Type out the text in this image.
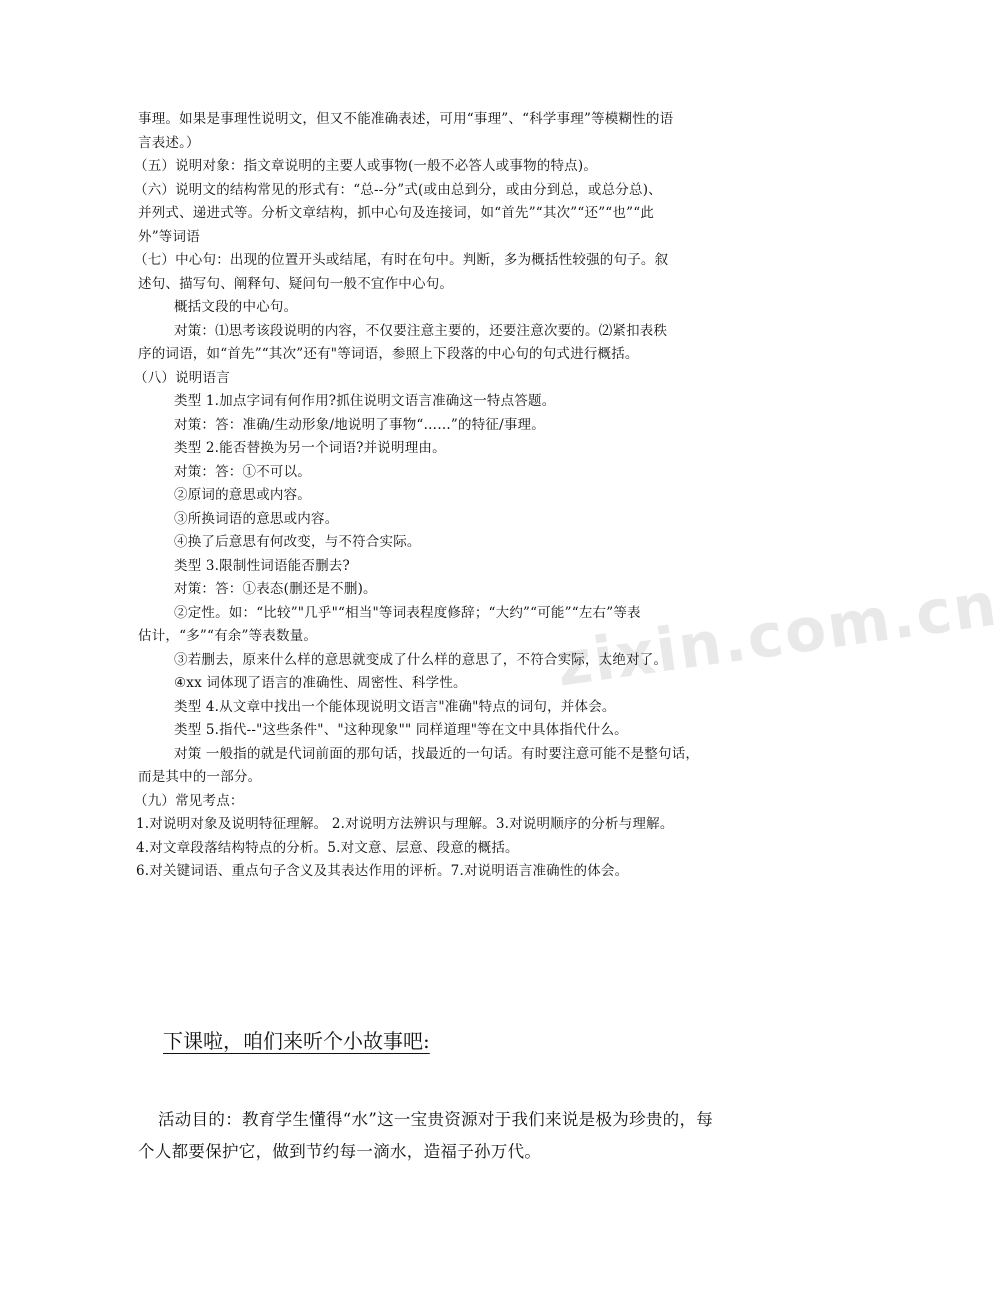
zixin.com.cn

事理。如果是事理性说明文，但又不能准确表述，可用“事理”、“科学事理”等模糊性的语

言表述。）

（五）说明对象：指文章说明的主要人或事物(一般不必答人或事物的特点)。

（六）说明文的结构常见的形式有：“总--分”式(或由总到分，或由分到总，或总分总)、

并列式、递进式等。分析文章结构，抓中心句及连接词，如“首先”“其次”“还”“也”“此

外”等词语

（七）中心句：出现的位置开头或结尾，有时在句中。判断，多为概括性较强的句子。叙

述句、描写句、阐释句、疑问句一般不宜作中心句。

概括文段的中心句。

对策：⑴思考该段说明的内容，不仅要注意主要的，还要注意次要的。⑵紧扣表秩

序的词语，如“首先”“其次”还有"等词语，参照上下段落的中心句的句式进行概括。

（八）说明语言

类型 1.加点字词有何作用?抓住说明文语言准确这一特点答题。

对策：答：准确/生动形象/地说明了事物“……”的特征/事理。

类型 2.能否替换为另一个词语?并说明理由。

对策：答：①不可以。

②原词的意思或内容。

③所换词语的意思或内容。

④换了后意思有何改变，与不符合实际。

类型 3.限制性词语能否删去?

对策：答：①表态(删还是不删)。

②定性。如：“比较”"几乎"“相当"等词表程度修辞；“大约”“可能”“左右”等表

估计，“多”“有余”等表数量。

③若删去，原来什么样的意思就变成了什么样的意思了，不符合实际，太绝对了。

④xx 词体现了语言的准确性、周密性、科学性。

类型 4.从文章中找出一个能体现说明文语言"准确"特点的词句，并体会。

类型 5.指代--"这些条件"、"这种现象"" 同样道理"等在文中具体指代什么。

对策 一般指的就是代词前面的那句话，找最近的一句话。有时要注意可能不是整句话，

而是其中的一部分。

（九）常见考点：

1.对说明对象及说明特征理解。 2.对说明方法辨识与理解。3.对说明顺序的分析与理解。

4.对文章段落结构特点的分析。5.对文意、层意、段意的概括。

6.对关键词语、重点句子含义及其表达作用的评析。7.对说明语言准确性的体会。

下课啦，咱们来听个小故事吧:

活动目的：教育学生懂得“水”这一宝贵资源对于我们来说是极为珍贵的，每

个人都要保护它，做到节约每一滴水，造福子孙万代。
